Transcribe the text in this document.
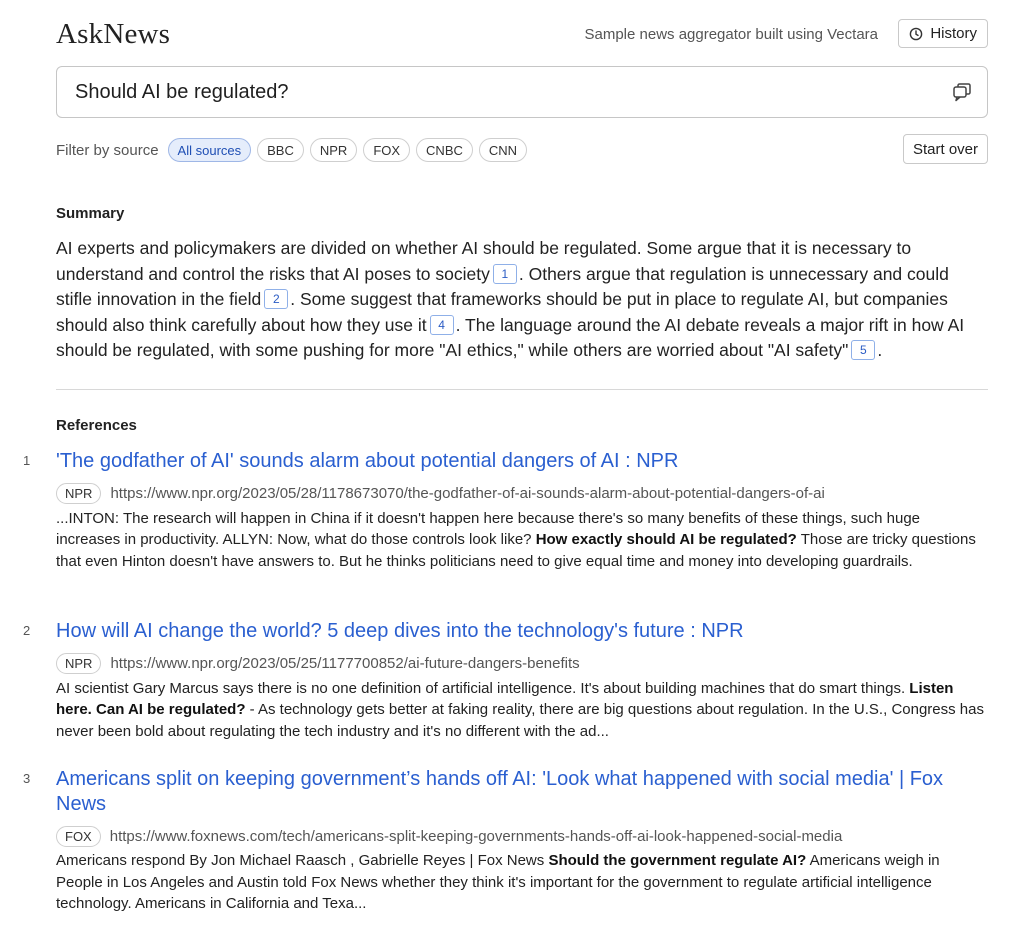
AskNews	Sample news aggregator built using Vectara	History
Should AI be regulated?
Filter by source	All sources	BBC	NPR	FOX	CNBC	CNN	Start over
Summary
AI experts and policymakers are divided on whether AI should be regulated. Some argue that it is necessary to understand and control the risks that AI poses to society 1 . Others argue that regulation is unnecessary and could stifle innovation in the field 2 . Some suggest that frameworks should be put in place to regulate AI, but companies should also think carefully about how they use it 4 . The language around the AI debate reveals a major rift in how AI should be regulated, with some pushing for more "AI ethics," while others are worried about "AI safety" 5 .
References
1 'The godfather of AI' sounds alarm about potential dangers of AI : NPR
NPR	https://www.npr.org/2023/05/28/1178673070/the-godfather-of-ai-sounds-alarm-about-potential-dangers-of-ai
...INTON: The research will happen in China if it doesn't happen here because there's so many benefits of these things, such huge increases in productivity. ALLYN: Now, what do those controls look like? How exactly should AI be regulated? Those are tricky questions that even Hinton doesn't have answers to. But he thinks politicians need to give equal time and money into developing guardrails.
2 How will AI change the world? 5 deep dives into the technology's future : NPR
NPR	https://www.npr.org/2023/05/25/1177700852/ai-future-dangers-benefits
AI scientist Gary Marcus says there is no one definition of artificial intelligence. It's about building machines that do smart things. Listen here. Can AI be regulated? - As technology gets better at faking reality, there are big questions about regulation. In the U.S., Congress has never been bold about regulating the tech industry and it's no different with the ad...
3 Americans split on keeping government’s hands off AI: 'Look what happened with social media' | Fox News
FOX	https://www.foxnews.com/tech/americans-split-keeping-governments-hands-off-ai-look-happened-social-media
Americans respond By Jon Michael Raasch , Gabrielle Reyes | Fox News Should the government regulate AI? Americans weigh in People in Los Angeles and Austin told Fox News whether they think it's important for the government to regulate artificial intelligence technology. Americans in California and Texa...
